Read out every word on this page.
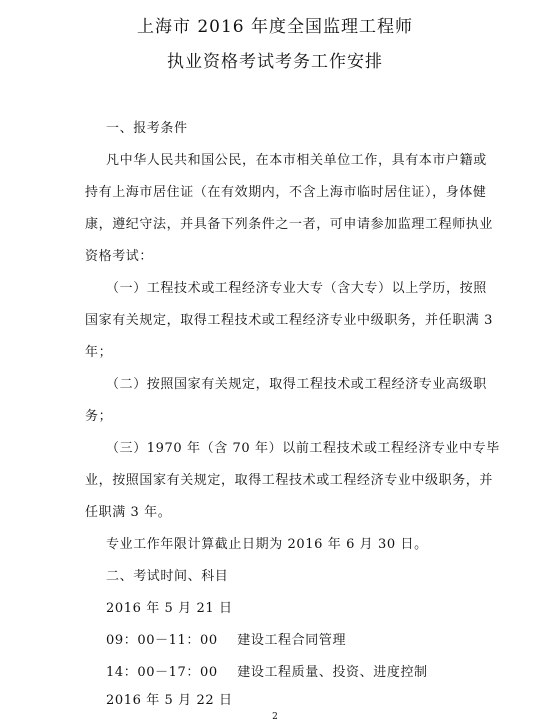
上海市 2016 年度全国监理工程师
执业资格考试考务工作安排
一、报考条件
凡中华人民共和国公民，在本市相关单位工作，具有本市户籍或
持有上海市居住证（在有效期内，不含上海市临时居住证），身体健
康，遵纪守法，并具备下列条件之一者，可申请参加监理工程师执业
资格考试：
（一）工程技术或工程经济专业大专（含大专）以上学历，按照
国家有关规定，取得工程技术或工程经济专业中级职务，并任职满 3
年；
（二）按照国家有关规定，取得工程技术或工程经济专业高级职
务；
（三）1970 年（含 70 年）以前工程技术或工程经济专业中专毕
业，按照国家有关规定，取得工程技术或工程经济专业中级职务，并
任职满 3 年。
专业工作年限计算截止日期为 2016 年 6 月 30 日。
二、考试时间、科目
2016 年 5 月 21 日
09：00－11：00 建设工程合同管理
14：00－17：00 建设工程质量、投资、进度控制
2016 年 5 月 22 日
2
